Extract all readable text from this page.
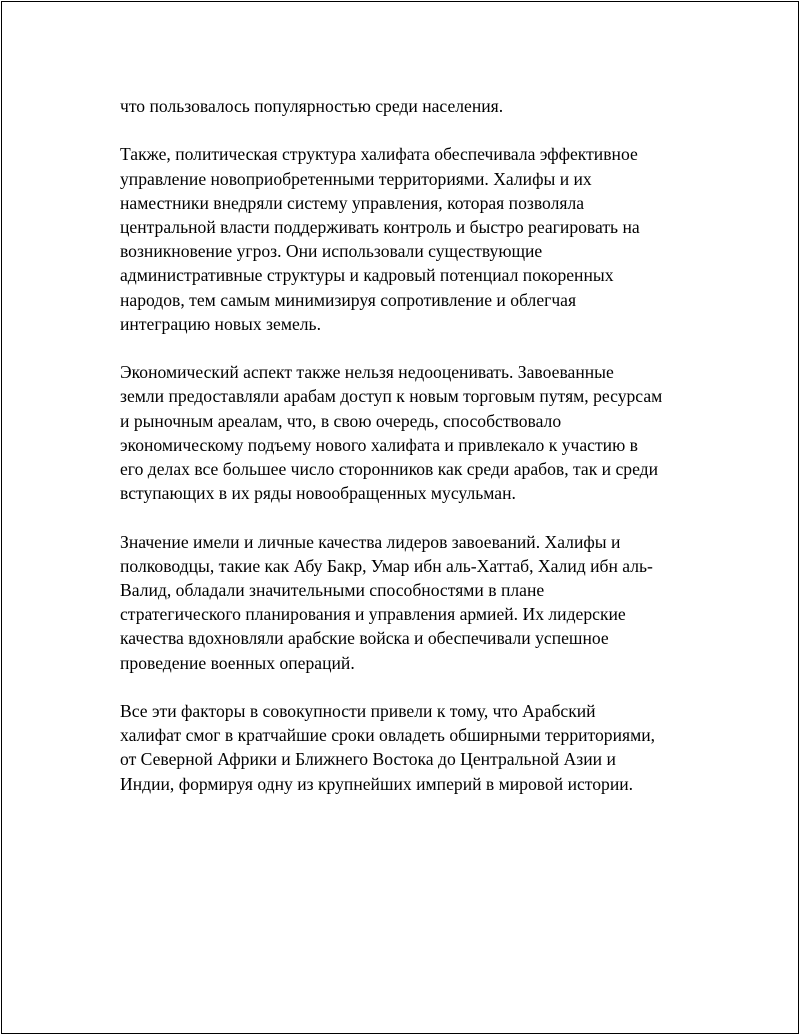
что пользовалось популярностью среди населения.

Также, политическая структура халифата обеспечивала эффективное
управление новоприобретенными территориями. Халифы и их
наместники внедряли систему управления, которая позволяла
центральной власти поддерживать контроль и быстро реагировать на
возникновение угроз. Они использовали существующие
административные структуры и кадровый потенциал покоренных
народов, тем самым минимизируя сопротивление и облегчая
интеграцию новых земель.

Экономический аспект также нельзя недооценивать. Завоеванные
земли предоставляли арабам доступ к новым торговым путям, ресурсам
и рыночным ареалам, что, в свою очередь, способствовало
экономическому подъему нового халифата и привлекало к участию в
его делах все большее число сторонников как среди арабов, так и среди
вступающих в их ряды новообращенных мусульман.

Значение имели и личные качества лидеров завоеваний. Халифы и
полководцы, такие как Абу Бакр, Умар ибн аль-Хаттаб, Халид ибн аль-
Валид, обладали значительными способностями в плане
стратегического планирования и управления армией. Их лидерские
качества вдохновляли арабские войска и обеспечивали успешное
проведение военных операций.

Все эти факторы в совокупности привели к тому, что Арабский
халифат смог в кратчайшие сроки овладеть обширными территориями,
от Северной Африки и Ближнего Востока до Центральной Азии и
Индии, формируя одну из крупнейших империй в мировой истории.
